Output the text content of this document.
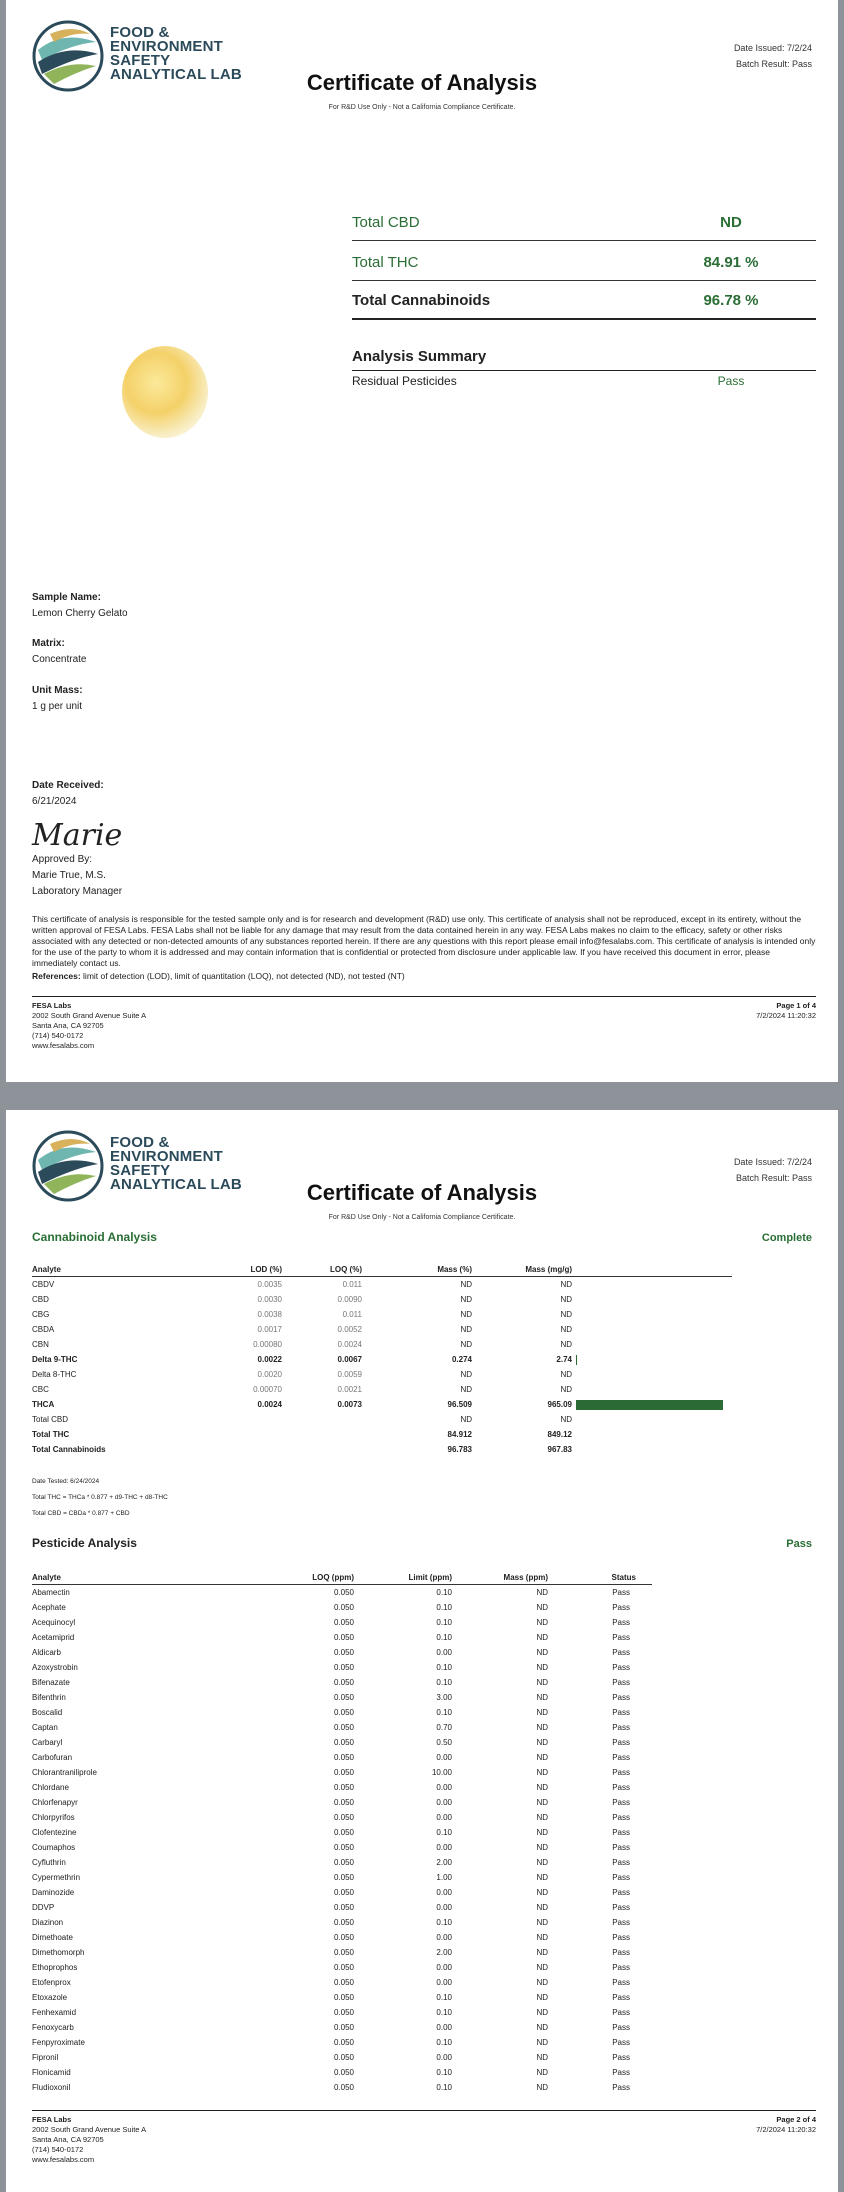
FOOD &
ENVIRONMENT
SAFETY
ANALYTICAL LAB	Certificate of Analysis
For R&D Use Only - Not a California Compliance Certificate.
Date Issued: 7/2/24
Batch Result: Pass
Total CBD	ND
Total THC	84.91 %
Total Cannabinoids	96.78 %
Analysis Summary
Residual Pesticides	Pass
Sample Name:
Lemon Cherry Gelato
Matrix:
Concentrate
Unit Mass:
1 g per unit
Date Received:
6/21/2024
Marie
Approved By:
Marie True, M.S.
Laboratory Manager
This certificate of analysis is responsible for the tested sample only and is for research and development (R&D) use only. This certificate of analysis shall not be reproduced, except in its entirety, without the written approval of FESA Labs. FESA Labs shall not be liable for any damage that may result from the data contained herein in any way. FESA Labs makes no claim to the efficacy, safety or other risks associated with any detected or non-detected amounts of any substances reported herein. If there are any questions with this report please email info@fesalabs.com. This certificate of analysis is intended only for the use of the party to whom it is addressed and may contain information that is confidential or protected from disclosure under applicable law. If you have received this document in error, please immediately contact us.
References: limit of detection (LOD), limit of quantitation (LOQ), not detected (ND), not tested (NT)
FESA Labs
2002 South Grand Avenue Suite A
Santa Ana, CA 92705
(714) 540-0172
www.fesalabs.com
Page 1 of 4
7/2/2024 11:20:32
FOOD &
ENVIRONMENT
SAFETY
ANALYTICAL LAB	Certificate of Analysis
For R&D Use Only - Not a California Compliance Certificate.
Date Issued: 7/2/24
Batch Result: Pass
Cannabinoid Analysis	Complete
Analyte	LOD (%)	LOQ (%)	Mass (%)	Mass (mg/g)	
CBDV	0.0035	0.011	ND	ND	
CBD	0.0030	0.0090	ND	ND	
CBG	0.0038	0.011	ND	ND	
CBDA	0.0017	0.0052	ND	ND	
CBN	0.00080	0.0024	ND	ND	
Delta 9-THC	0.0022	0.0067	0.274	2.74	

Delta 8-THC	0.0020	0.0059	ND	ND	
CBC	0.00070	0.0021	ND	ND	
THCA	0.0024	0.0073	96.509	965.09	

Total CBD			ND	ND	
Total THC			84.912	849.12	
Total Cannabinoids			96.783	967.83	
Date Tested: 6/24/2024
Total THC = THCa * 0.877 + d9-THC + d8-THC
Total CBD = CBDa * 0.877 + CBD
Pesticide Analysis	Pass
Analyte	LOQ (ppm)	Limit (ppm)	Mass (ppm)	Status
Abamectin	0.050	0.10	ND	Pass
Acephate	0.050	0.10	ND	Pass
Acequinocyl	0.050	0.10	ND	Pass
Acetamiprid	0.050	0.10	ND	Pass
Aldicarb	0.050	0.00	ND	Pass
Azoxystrobin	0.050	0.10	ND	Pass
Bifenazate	0.050	0.10	ND	Pass
Bifenthrin	0.050	3.00	ND	Pass
Boscalid	0.050	0.10	ND	Pass
Captan	0.050	0.70	ND	Pass
Carbaryl	0.050	0.50	ND	Pass
Carbofuran	0.050	0.00	ND	Pass
Chlorantraniliprole	0.050	10.00	ND	Pass
Chlordane	0.050	0.00	ND	Pass
Chlorfenapyr	0.050	0.00	ND	Pass
Chlorpyrifos	0.050	0.00	ND	Pass
Clofentezine	0.050	0.10	ND	Pass
Coumaphos	0.050	0.00	ND	Pass
Cyfluthrin	0.050	2.00	ND	Pass
Cypermethrin	0.050	1.00	ND	Pass
Daminozide	0.050	0.00	ND	Pass
DDVP	0.050	0.00	ND	Pass
Diazinon	0.050	0.10	ND	Pass
Dimethoate	0.050	0.00	ND	Pass
Dimethomorph	0.050	2.00	ND	Pass
Ethoprophos	0.050	0.00	ND	Pass
Etofenprox	0.050	0.00	ND	Pass
Etoxazole	0.050	0.10	ND	Pass
Fenhexamid	0.050	0.10	ND	Pass
Fenoxycarb	0.050	0.00	ND	Pass
Fenpyroximate	0.050	0.10	ND	Pass
Fipronil	0.050	0.00	ND	Pass
Flonicamid	0.050	0.10	ND	Pass
Fludioxonil	0.050	0.10	ND	Pass
FESA Labs
2002 South Grand Avenue Suite A
Santa Ana, CA 92705
(714) 540-0172
www.fesalabs.com
Page 2 of 4
7/2/2024 11:20:32
